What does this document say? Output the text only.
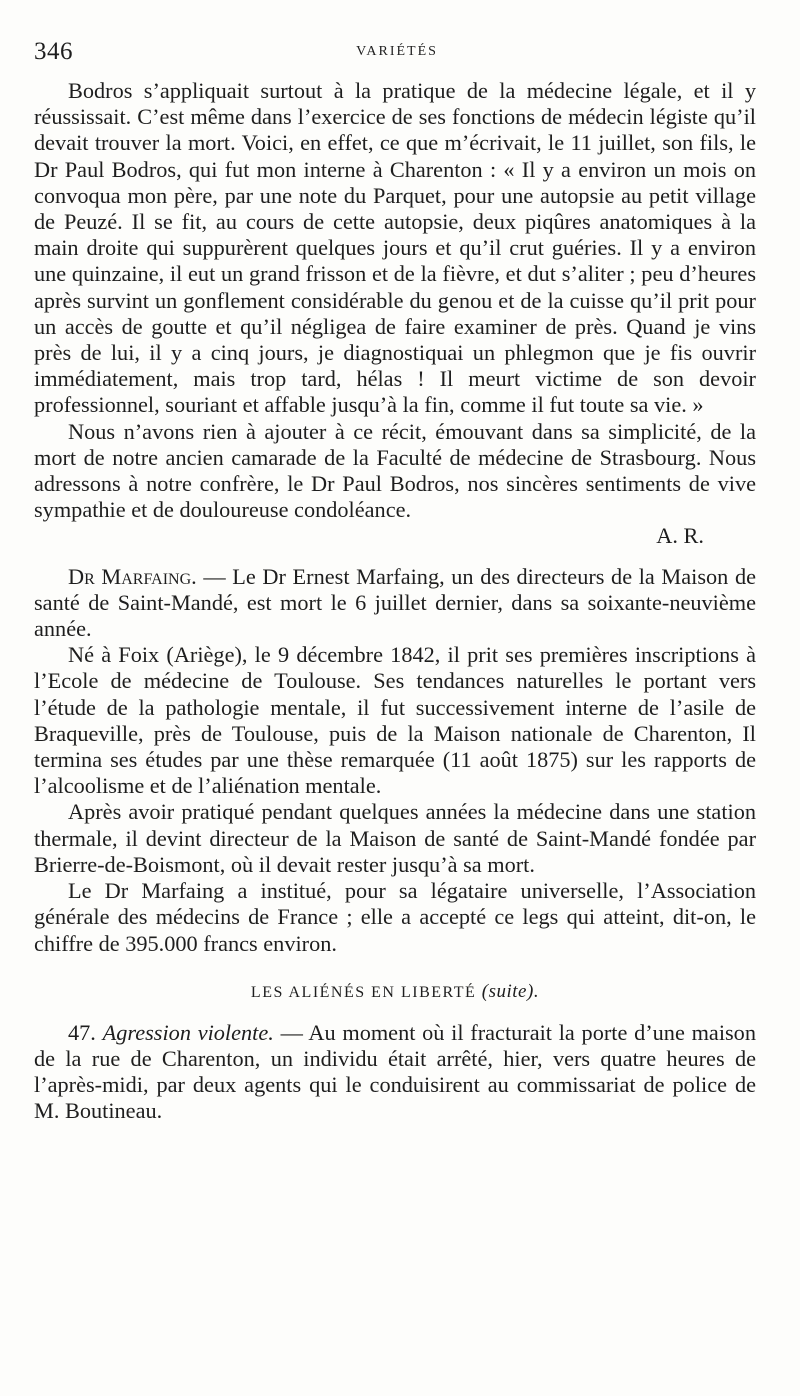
346	VARIÉTÉS

Bodros s’appliquait surtout à la pratique de la médecine légale, et il y réussissait. C’est même dans l’exercice de ses fonctions de médecin légiste qu’il devait trouver la mort. Voici, en effet, ce que m’écrivait, le 11 juillet, son fils, le Dr Paul Bodros, qui fut mon interne à Charenton : « Il y a environ un mois on convoqua mon père, par une note du Parquet, pour une autopsie au petit village de Peuzé. Il se fit, au cours de cette autopsie, deux piqûres anatomiques à la main droite qui suppurèrent quelques jours et qu’il crut guéries. Il y a environ une quinzaine, il eut un grand frisson et de la fièvre, et dut s’aliter ; peu d’heures après survint un gonflement considérable du genou et de la cuisse qu’il prit pour un accès de goutte et qu’il négligea de faire examiner de près. Quand je vins près de lui, il y a cinq jours, je diagnostiquai un phlegmon que je fis ouvrir immédiatement, mais trop tard, hélas ! Il meurt victime de son devoir professionnel, souriant et affable jusqu’à la fin, comme il fut toute sa vie. »

Nous n’avons rien à ajouter à ce récit, émouvant dans sa simplicité, de la mort de notre ancien camarade de la Faculté de médecine de Strasbourg. Nous adressons à notre confrère, le Dr Paul Bodros, nos sincères sentiments de vive sympathie et de douloureuse condoléance.

A. R.

Dr Marfaing. — Le Dr Ernest Marfaing, un des directeurs de la Maison de santé de Saint-Mandé, est mort le 6 juillet dernier, dans sa soixante-neuvième année.

Né à Foix (Ariège), le 9 décembre 1842, il prit ses premières inscriptions à l’Ecole de médecine de Toulouse. Ses tendances naturelles le portant vers l’étude de la pathologie mentale, il fut successivement interne de l’asile de Braqueville, près de Toulouse, puis de la Maison nationale de Charenton, Il termina ses études par une thèse remarquée (11 août 1875) sur les rapports de l’alcoolisme et de l’aliénation mentale.

Après avoir pratiqué pendant quelques années la médecine dans une station thermale, il devint directeur de la Maison de santé de Saint-Mandé fondée par Brierre-de-Boismont, où il devait rester jusqu’à sa mort.

Le Dr Marfaing a institué, pour sa légataire universelle, l’Association générale des médecins de France ; elle a accepté ce legs qui atteint, dit-on, le chiffre de 395.000 francs environ.

LES ALIÉNÉS EN LIBERTÉ (suite).

47. Agression violente. — Au moment où il fracturait la porte d’une maison de la rue de Charenton, un individu était arrêté, hier, vers quatre heures de l’après-midi, par deux agents qui le conduisirent au commissariat de police de M. Boutineau.
